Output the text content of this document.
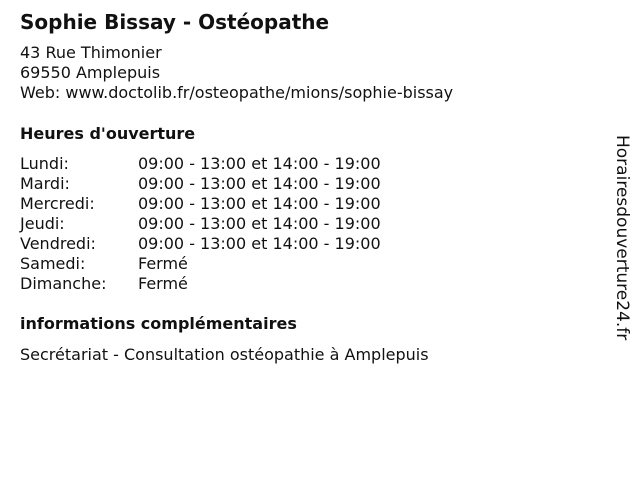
Sophie Bissay - Ostéopathe
43 Rue Thimonier
69550 Amplepuis
Web: www.doctolib.fr/osteopathe/mions/sophie-bissay
Heures d'ouverture
Lundi:	09:00 - 13:00 et 14:00 - 19:00
Mardi:	09:00 - 13:00 et 14:00 - 19:00
Mercredi:	09:00 - 13:00 et 14:00 - 19:00
Jeudi:	09:00 - 13:00 et 14:00 - 19:00
Vendredi:	09:00 - 13:00 et 14:00 - 19:00
Samedi:	Fermé
Dimanche:	Fermé
informations complémentaires
Secrétariat - Consultation ostéopathie à Amplepuis
Horairesdouverture24.fr
